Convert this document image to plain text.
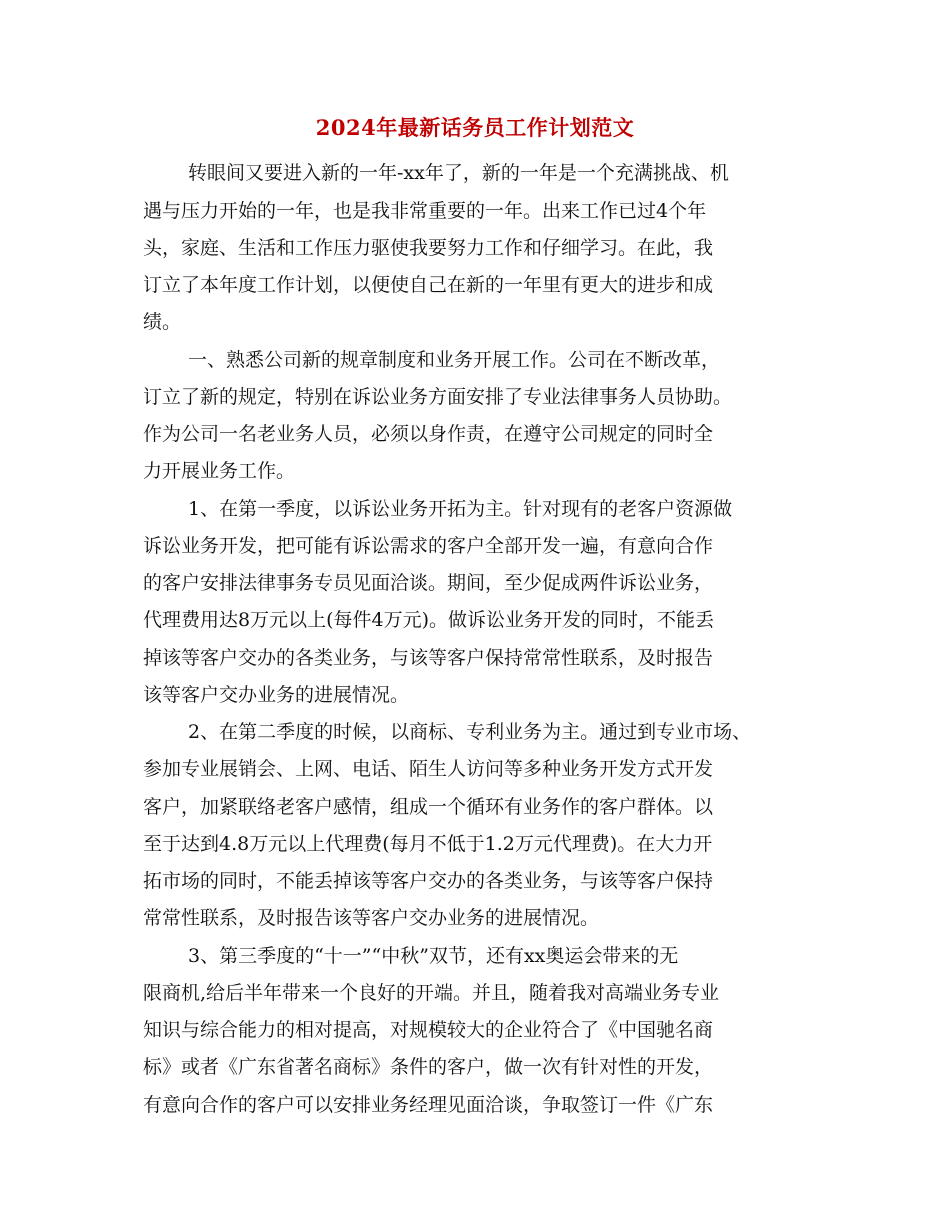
2024年最新话务员工作计划范文
转眼间又要进入新的一年-xx年了，新的一年是一个充满挑战、机
遇与压力开始的一年，也是我非常重要的一年。出来工作已过4个年
头，家庭、生活和工作压力驱使我要努力工作和仔细学习。在此，我
订立了本年度工作计划，以便使自己在新的一年里有更大的进步和成
绩。
一、熟悉公司新的规章制度和业务开展工作。公司在不断改革，
订立了新的规定，特别在诉讼业务方面安排了专业法律事务人员协助。
作为公司一名老业务人员，必须以身作责，在遵守公司规定的同时全
力开展业务工作。
1、在第一季度，以诉讼业务开拓为主。针对现有的老客户资源做
诉讼业务开发，把可能有诉讼需求的客户全部开发一遍，有意向合作
的客户安排法律事务专员见面洽谈。期间，至少促成两件诉讼业务，
代理费用达8万元以上(每件4万元)。做诉讼业务开发的同时，不能丢
掉该等客户交办的各类业务，与该等客户保持常常性联系，及时报告
该等客户交办业务的进展情况。
2、在第二季度的时候，以商标、专利业务为主。通过到专业市场、
参加专业展销会、上网、电话、陌生人访问等多种业务开发方式开发
客户，加紧联络老客户感情，组成一个循环有业务作的客户群体。以
至于达到4.8万元以上代理费(每月不低于1.2万元代理费)。在大力开
拓市场的同时，不能丢掉该等客户交办的各类业务，与该等客户保持
常常性联系，及时报告该等客户交办业务的进展情况。
3、第三季度的“十一”“中秋”双节，还有xx奥运会带来的无
限商机,给后半年带来一个良好的开端。并且，随着我对高端业务专业
知识与综合能力的相对提高，对规模较大的企业符合了《中国驰名商
标》或者《广东省著名商标》条件的客户，做一次有针对性的开发，
有意向合作的客户可以安排业务经理见面洽谈，争取签订一件《广东
